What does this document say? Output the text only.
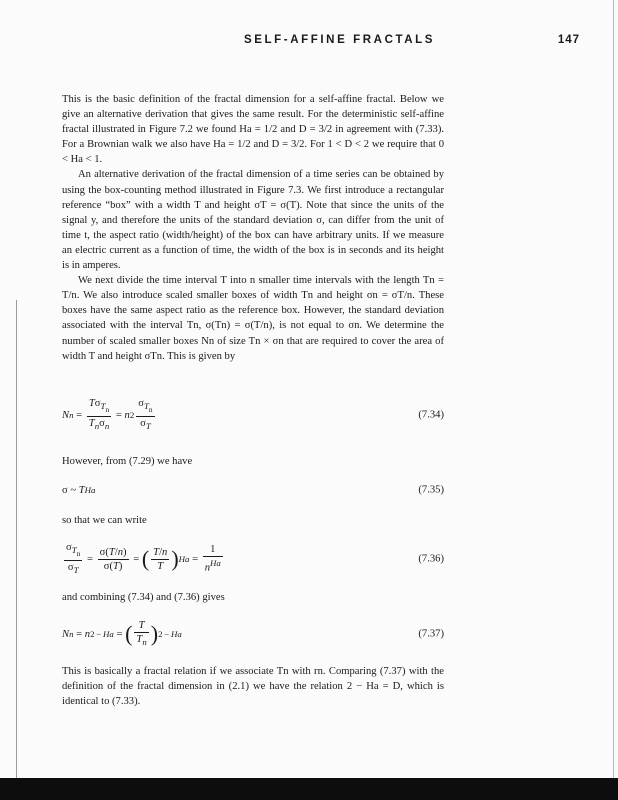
SELF-AFFINE FRACTALS	147

This is the basic definition of the fractal dimension for a self-affine fractal. Below we give an alternative derivation that gives the same result. For the deterministic self-affine fractal illustrated in Figure 7.2 we found Ha = 1/2 and D = 3/2 in agreement with (7.33). For a Brownian walk we also have Ha = 1/2 and D = 3/2. For 1 < D < 2 we require that 0 < Ha < 1.

An alternative derivation of the fractal dimension of a time series can be obtained by using the box-counting method illustrated in Figure 7.3. We first introduce a rectangular reference “box” with a width T and height σT = σ(T). Note that since the units of the signal y, and therefore the units of the standard deviation σ, can differ from the unit of time t, the aspect ratio (width/height) of the box can have arbitrary units. If we measure an electric current as a function of time, the width of the box is in seconds and its height is in amperes.

We next divide the time interval T into n smaller time intervals with the length Tn = T/n. We also introduce scaled smaller boxes of width Tn and height σn = σT/n. These boxes have the same aspect ratio as the reference box. However, the standard deviation associated with the interval Tn, σ(Tn) = σ(T/n), is not equal to σn. We determine the number of scaled smaller boxes Nn of size Tn × σn that are required to cover the area of width T and height σTn. This is given by

N $n = \frac{T\sigma_{T_n}}{T_n\sigma_n} = n$ $2 \frac{\sigma_{T_n}}{\sigma_T}$	(7.34)

However, from (7.29) we have

σ ~ T Ha	(7.35)

so that we can write

$\frac{\sigma_{T_n}}{\sigma_T} = \frac{\sigma(T/n)}{\sigma(T)}$ = ( $\frac{T/n}{T}$ ) $Ha = \frac{1}{n^{Ha}}$	(7.36)

and combining (7.34) and (7.36) gives

N n = n 2 − Ha = ( $\frac{T}{T_n}$ ) 2 − Ha	(7.37)

This is basically a fractal relation if we associate Tn with rn. Comparing (7.37) with the definition of the fractal dimension in (2.1) we have the relation 2 − Ha = D, which is identical to (7.33).
